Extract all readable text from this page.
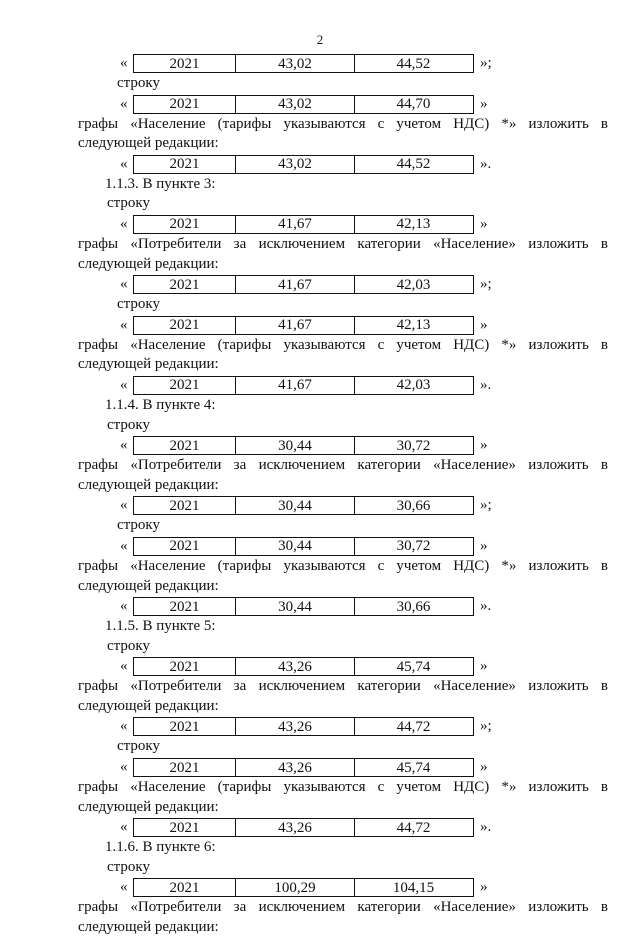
2
«	2021	43,02	44,52	»;
строку
«	2021	43,02	44,70	»
графы «Население (тарифы указываются с учетом НДС) *» изложить в
следующей редакции:
«	2021	43,02	44,52	».
1.1.3. В пункте 3:
строку
«	2021	41,67	42,13	»
графы «Потребители за исключением категории «Население» изложить в
следующей редакции:
«	2021	41,67	42,03	»;
строку
«	2021	41,67	42,13	»
графы «Население (тарифы указываются с учетом НДС) *» изложить в
следующей редакции:
«	2021	41,67	42,03	».
1.1.4. В пункте 4:
строку
«	2021	30,44	30,72	»
графы «Потребители за исключением категории «Население» изложить в
следующей редакции:
«	2021	30,44	30,66	»;
строку
«	2021	30,44	30,72	»
графы «Население (тарифы указываются с учетом НДС) *» изложить в
следующей редакции:
«	2021	30,44	30,66	».
1.1.5. В пункте 5:
строку
«	2021	43,26	45,74	»
графы «Потребители за исключением категории «Население» изложить в
следующей редакции:
«	2021	43,26	44,72	»;
строку
«	2021	43,26	45,74	»
графы «Население (тарифы указываются с учетом НДС) *» изложить в
следующей редакции:
«	2021	43,26	44,72	».
1.1.6. В пункте 6:
строку
«	2021	100,29	104,15	»
графы «Потребители за исключением категории «Население» изложить в
следующей редакции:
